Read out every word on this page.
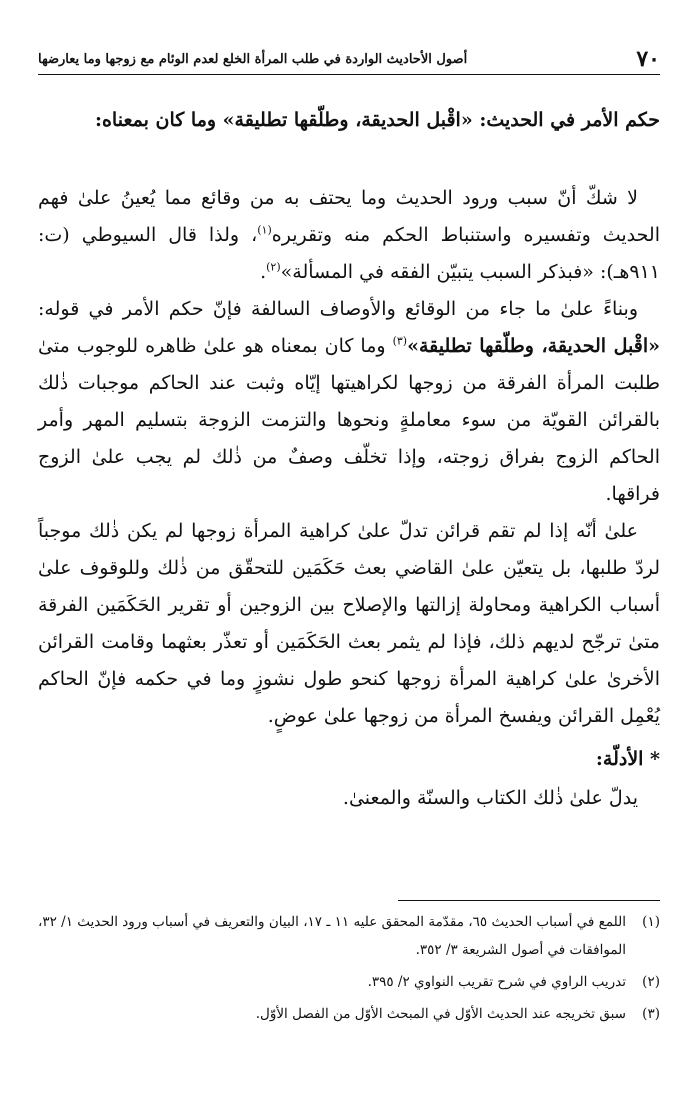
٧٠
أصول الأحاديث الواردة في طلب المرأة الخلع لعدم الوئام مع زوجها وما يعارضها
حكم الأمر في الحديث: «اقْبل الحديقة، وطلّقها تطليقة» وما كان بمعناه:

لا شكّ أنّ سبب ورود الحديث وما يحتف به من وقائع مما يُعينُ علىٰ فهم الحديث وتفسيره واستنباط الحكم منه وتقريره$^{(١)}$، ولذا قال السيوطي (ت: ٩١١هـ): «فبذكر السبب يتبيّن الفقه في المسألة»$^{(٢)}$.

وبناءً علىٰ ما جاء من الوقائع والأوصاف السالفة فإنّ حكم الأمر في قوله: «اقْبل الحديقة، وطلّقها تطليقة»$^{(٣)}$ وما كان بمعناه هو علىٰ ظاهره للوجوب متىٰ طلبت المرأة الفرقة من زوجها لكراهيتها إيّاه وثبت عند الحاكم موجبات ذٰلك بالقرائن القويّة من سوء معاملةٍ ونحوها والتزمت الزوجة بتسليم المهر وأمر الحاكم الزوج بفراق زوجته، وإذا تخلّف وصفٌ من ذٰلك لم يجب علىٰ الزوج فراقها.

علىٰ أنّه إذا لم تقم قرائن تدلّ علىٰ كراهية المرأة زوجها لم يكن ذٰلك موجباً لردّ طلبها، بل يتعيّن علىٰ القاضي بعث حَكَمَين للتحقّق من ذٰلك وللوقوف علىٰ أسباب الكراهية ومحاولة إزالتها والإصلاح بين الزوجين أو تقرير الحَكَمَين الفرقة متىٰ ترجّح لديهم ذلك، فإذا لم يثمر بعث الحَكَمَين أو تعذّر بعثهما وقامت القرائن الأخرىٰ علىٰ كراهية المرأة زوجها كنحو طول نشوزٍ وما في حكمه فإنّ الحاكم يُعْمِل القرائن ويفسخ المرأة من زوجها علىٰ عوضٍ.

* الأدلّة:

يدلّ علىٰ ذٰلك الكتاب والسنّة والمعنىٰ.

(١)
اللمع في أسباب الحديث ٦٥، مقدّمة المحقق عليه ١١ ـ ١٧، البيان والتعريف في أسباب ورود الحديث ١/ ٣٢، الموافقات في أصول الشريعة ٣/ ٣٥٢.
(٢)
تدريب الراوي في شرح تقريب النواوي ٢/ ٣٩٥.
(٣)
سبق تخريجه عند الحديث الأوّل في المبحث الأوّل من الفصل الأوّل.
